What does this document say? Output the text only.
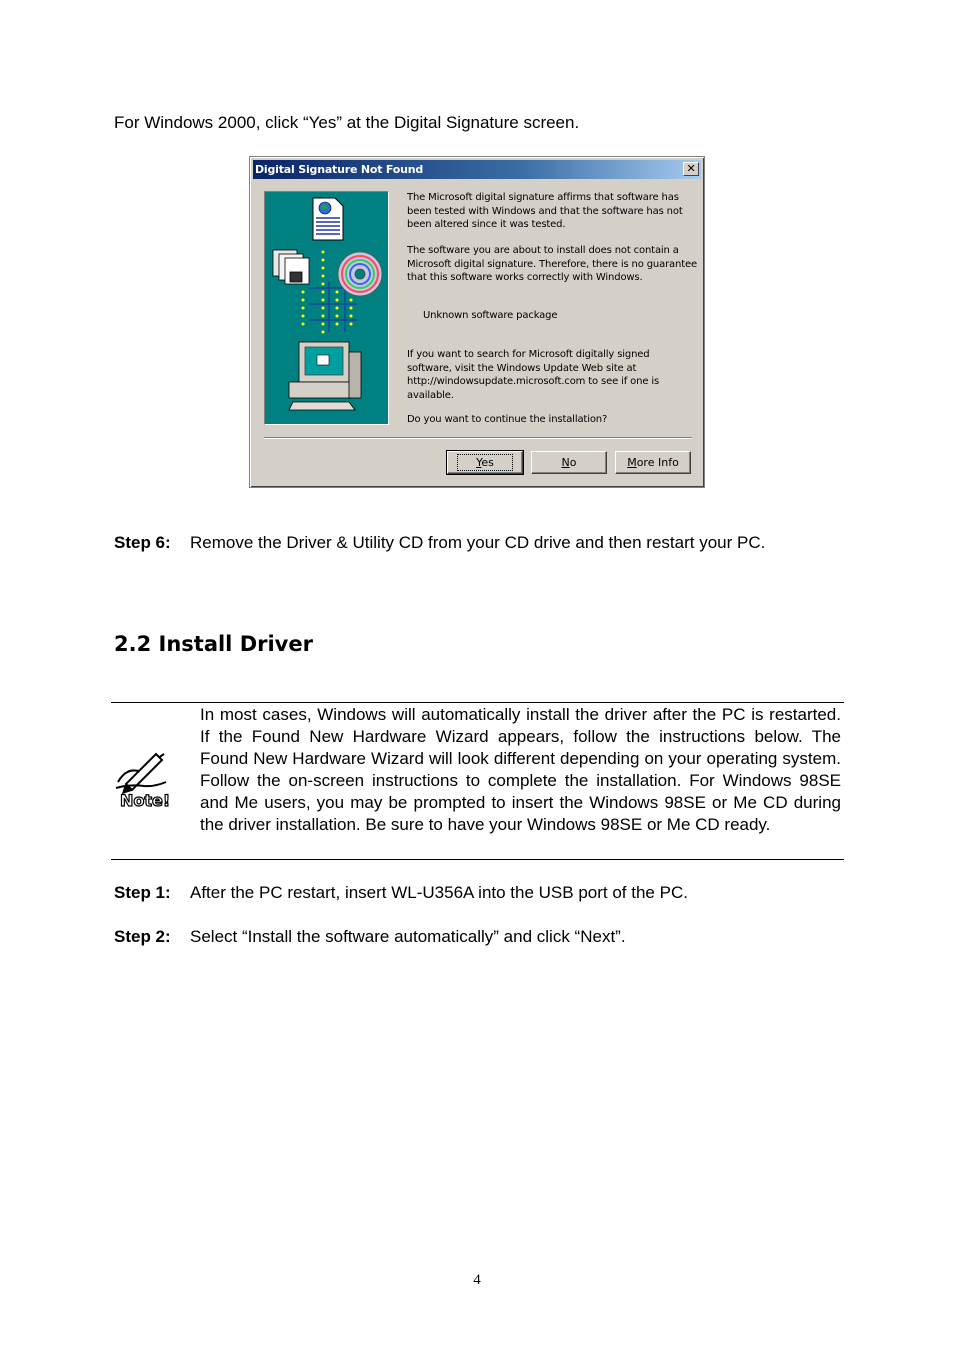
For Windows 2000, click “Yes” at the Digital Signature screen.
Digital Signature Not Found	✕
The Microsoft digital signature affirms that software has been tested with Windows and that the software has not been altered since it was tested.
The software you are about to install does not contain a Microsoft digital signature. Therefore, there is no guarantee that this software works correctly with Windows.
Unknown software package
If you want to search for Microsoft digitally signed software, visit the Windows Update Web site at http://windowsupdate.microsoft.com to see if one is available.
Do you want to continue the installation?
Yes	No	More Info
Step 6: Remove the Driver & Utility CD from your CD drive and then restart your PC.
2.2 Install Driver
Note!
In most cases, Windows will automatically install the driver after the PC is restarted. If the Found New Hardware Wizard appears, follow the instructions below. The Found New Hardware Wizard will look different depending on your operating system. Follow the on-screen instructions to complete the installation. For Windows 98SE and Me users, you may be prompted to insert the Windows 98SE or Me CD during the driver installation. Be sure to have your Windows 98SE or Me CD ready.
Step 1: After the PC restart, insert WL-U356A into the USB port of the PC.
Step 2: Select “Install the software automatically” and click “Next”.
4
